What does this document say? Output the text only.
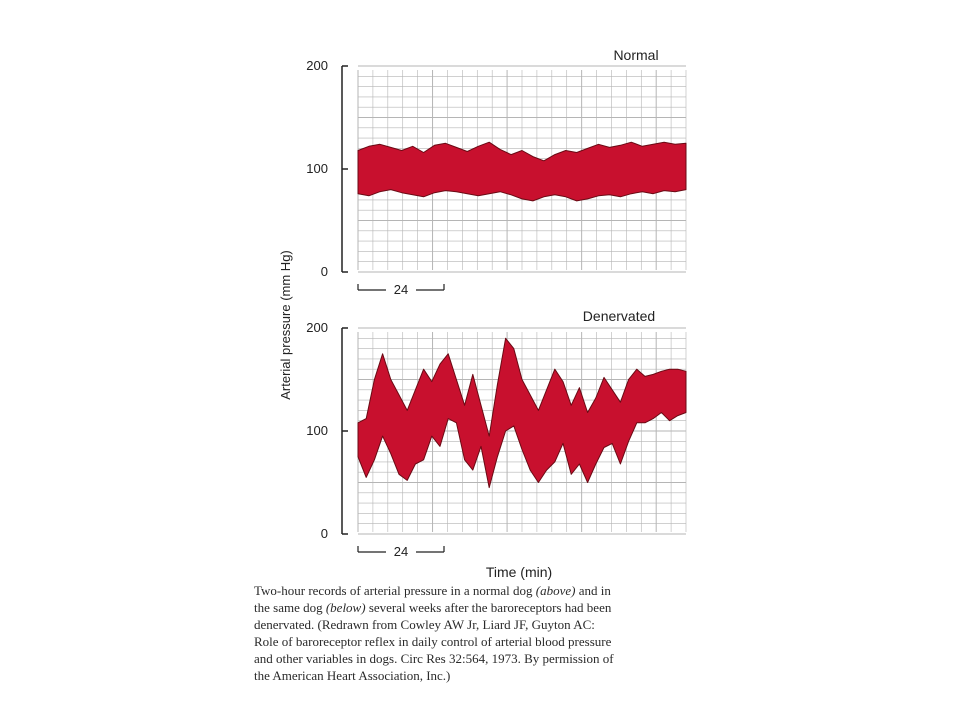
Arterial pressure (mm Hg) 0
100
200
Normal
24
0
100
200
Denervated
24
Time (min)
Two-hour records of arterial pressure in a normal dog (above) and in
the same dog (below) several weeks after the baroreceptors had been
denervated. (Redrawn from Cowley AW Jr, Liard JF, Guyton AC:
Role of baroreceptor reflex in daily control of arterial blood pressure
and other variables in dogs. Circ Res 32:564, 1973. By permission of
the American Heart Association, Inc.)
